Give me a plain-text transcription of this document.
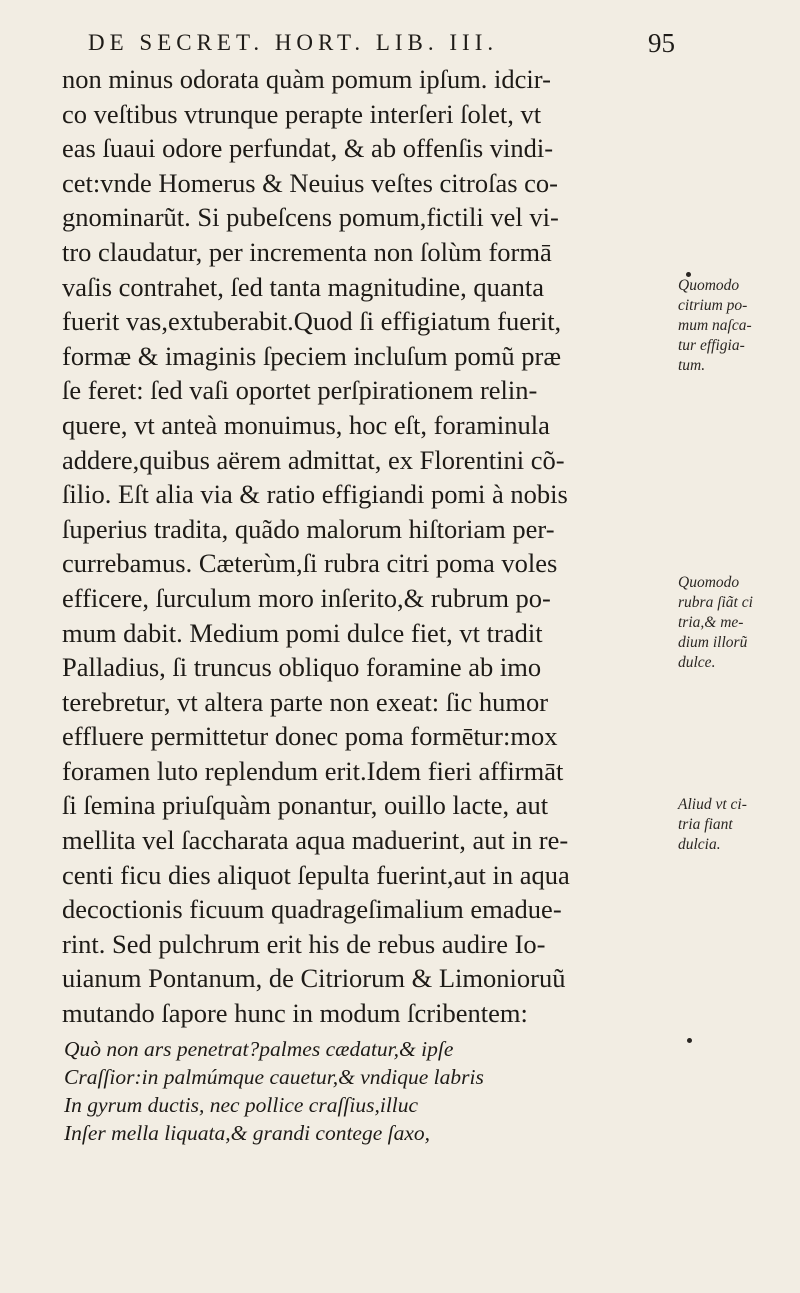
DE SECRET. HORT. LIB. III.	95
non minus odorata quàm pomum ipſum. idcir-
co veſtibus vtrunque perapte interſeri ſolet, vt
eas ſuaui odore perfundat, & ab offenſis vindi-
cet:vnde Homerus & Neuius veſtes citroſas co-
gnominarũt. Si pubeſcens pomum,fictili vel vi-
tro claudatur, per incrementa non ſolùm formā
vaſis contrahet, ſed tanta magnitudine, quanta
fuerit vas,extuberabit.Quod ſi effigiatum fuerit,
formæ & imaginis ſpeciem incluſum pomũ præ
ſe feret: ſed vaſi oportet perſpirationem relin-
quere, vt anteà monuimus, hoc eſt, foraminula
addere,quibus aërem admittat, ex Florentini cõ-
ſilio. Eſt alia via & ratio effigiandi pomi à nobis
ſuperius tradita, quãdo malorum hiſtoriam per-
currebamus. Cæterùm,ſi rubra citri poma voles
efficere, ſurculum moro inſerito,& rubrum po-
mum dabit. Medium pomi dulce fiet, vt tradit
Palladius, ſi truncus obliquo foramine ab imo
terebretur, vt altera parte non exeat: ſic humor
effluere permittetur donec poma formētur:mox
foramen luto replendum erit.Idem fieri affirmāt
ſi ſemina priuſquàm ponantur, ouillo lacte, aut
mellita vel ſaccharata aqua maduerint, aut in re-
centi ficu dies aliquot ſepulta fuerint,aut in aqua
decoctionis ficuum quadrageſimalium emadue-
rint. Sed pulchrum erit his de rebus audire Io-
uianum Pontanum, de Citriorum & Limonioruũ
mutando ſapore hunc in modum ſcribentem:
Quò non ars penetrat?palmes cædatur,& ipſe
Craſſior:in palmúmque cauetur,& vndique labris
In gyrum ductis, nec pollice craſſius,illuc
Inſer mella liquata,& grandi contege ſaxo,
Quomodo
citrium po-
mum naſca-
tur effigia-
tum.
Quomodo
rubra ſiãt ci
tria,& me-
dium illorũ
dulce.
Aliud vt ci-
tria fiant
dulcia.
